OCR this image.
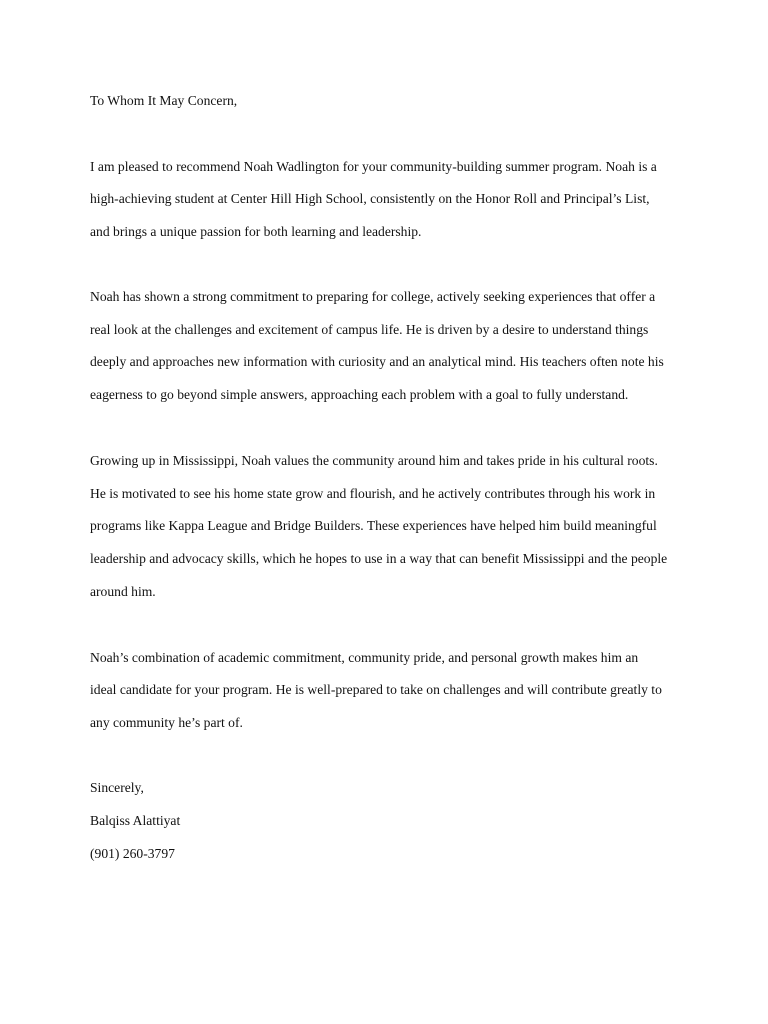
To Whom It May Concern,

I am pleased to recommend Noah Wadlington for your community-building summer program. Noah is a

high-achieving student at Center Hill High School, consistently on the Honor Roll and Principal’s List,

and brings a unique passion for both learning and leadership.

Noah has shown a strong commitment to preparing for college, actively seeking experiences that offer a

real look at the challenges and excitement of campus life. He is driven by a desire to understand things

deeply and approaches new information with curiosity and an analytical mind. His teachers often note his

eagerness to go beyond simple answers, approaching each problem with a goal to fully understand.

Growing up in Mississippi, Noah values the community around him and takes pride in his cultural roots.

He is motivated to see his home state grow and flourish, and he actively contributes through his work in

programs like Kappa League and Bridge Builders. These experiences have helped him build meaningful

leadership and advocacy skills, which he hopes to use in a way that can benefit Mississippi and the people

around him.

Noah’s combination of academic commitment, community pride, and personal growth makes him an

ideal candidate for your program. He is well-prepared to take on challenges and will contribute greatly to

any community he’s part of.

Sincerely,

Balqiss Alattiyat

(901) 260-3797
